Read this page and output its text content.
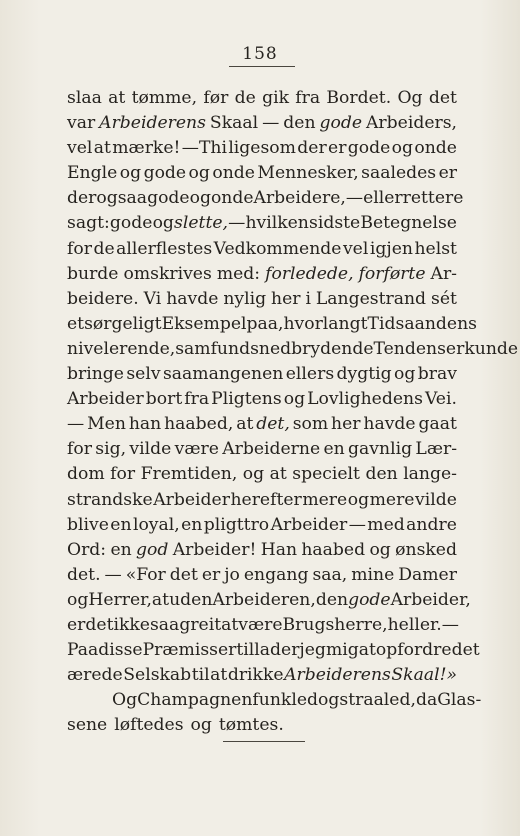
158
slaa at tømme, før de gik fra Bordet. Og det
var Arbeiderens Skaal — den gode Arbeiders,
vel at mærke! —Thi ligesom der er gode og onde
Engle og gode og onde Mennesker, saaledes er
der ogsaa gode og onde Arbeidere, — eller rettere
sagt: gode og slette, — hvilken sidste Betegnelse
for de allerflestes Vedkommende vel igjen helst
burde omskrives med: forledede, forførte Ar-
beidere. Vi havde nylig her i Langestrand sét
et sørgeligt Eksempel paa, hvorlangt Tidsaandens
nivelerende,samfundsnedbrydende Tendenser kunde
bringe selv saamangenen ellers dygtig og brav
Arbeider bort fra Pligtens og Lovlighedens Vei.
— Men han haabed, at det, som her havde gaat
for sig, vilde være Arbeiderne en gavnlig Lær-
dom for Fremtiden, og at specielt den lange-
strandske Arbeider herefter mere og mere vilde
blive en loyal, en pligttro Arbeider — med andre
Ord: en god Arbeider! Han haabed og ønsked
det. — «For det er jo engang saa, mine Damer
og Herrer, at uden Arbeideren, den gode Arbeider,
er det ikke saa greit at være Brugsherre, heller. —
Paa disse Præmisser tillader jeg mig at opfordre det
ærede Selskab til at drikke Arbeiderens Skaal!»
Og Champagnen funkled og straaled, da Glas-
sene løftedes og tømtes.
